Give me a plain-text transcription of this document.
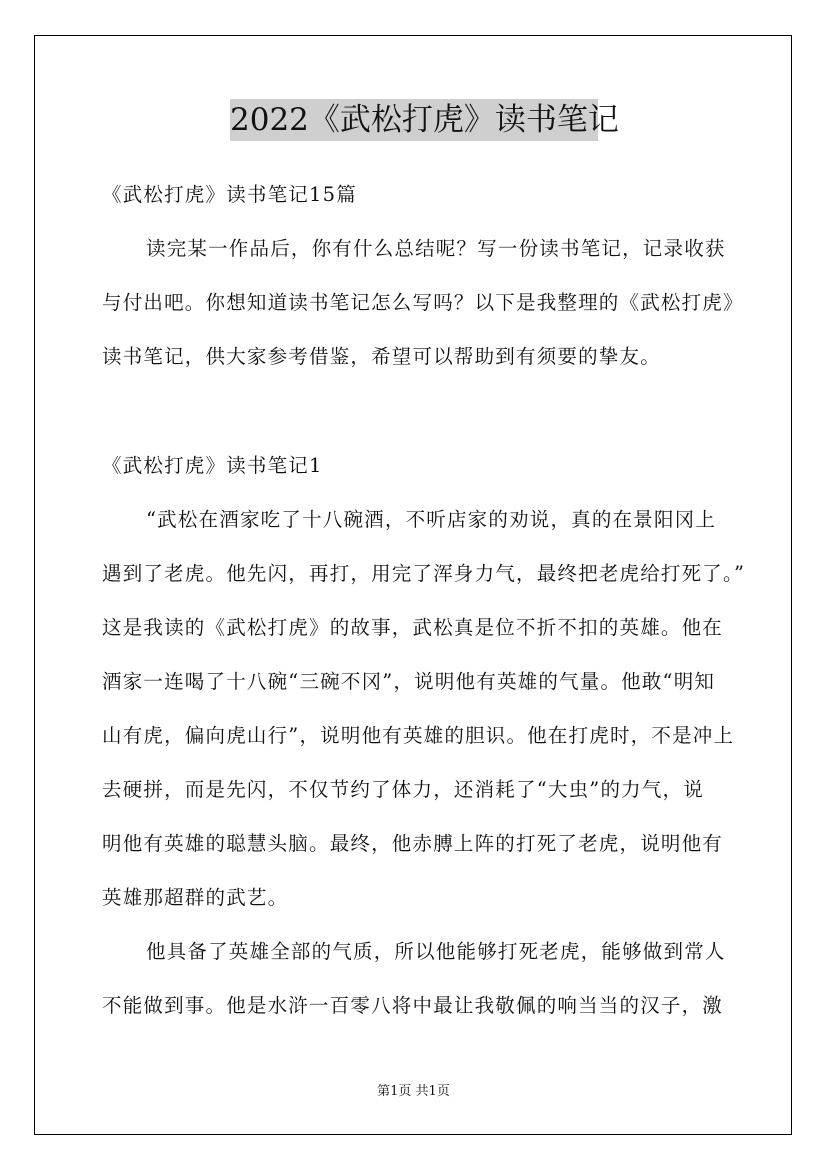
2022《武松打虎》读书笔记
《武松打虎》读书笔记15篇
读完某一作品后，你有什么总结呢？写一份读书笔记，记录收获
与付出吧。你想知道读书笔记怎么写吗？以下是我整理的《武松打虎》
读书笔记，供大家参考借鉴，希望可以帮助到有须要的挚友。
《武松打虎》读书笔记1
“武松在酒家吃了十八碗酒，不听店家的劝说，真的在景阳冈上
遇到了老虎。他先闪，再打，用完了浑身力气，最终把老虎给打死了。”
这是我读的《武松打虎》的故事，武松真是位不折不扣的英雄。他在
酒家一连喝了十八碗“三碗不冈”，说明他有英雄的气量。他敢“明知
山有虎，偏向虎山行”，说明他有英雄的胆识。他在打虎时，不是冲上
去硬拼，而是先闪，不仅节约了体力，还消耗了“大虫”的力气，说
明他有英雄的聪慧头脑。最终，他赤膊上阵的打死了老虎，说明他有
英雄那超群的武艺。
他具备了英雄全部的气质，所以他能够打死老虎，能够做到常人
不能做到事。他是水浒一百零八将中最让我敬佩的响当当的汉子，激
第1页 共1页
